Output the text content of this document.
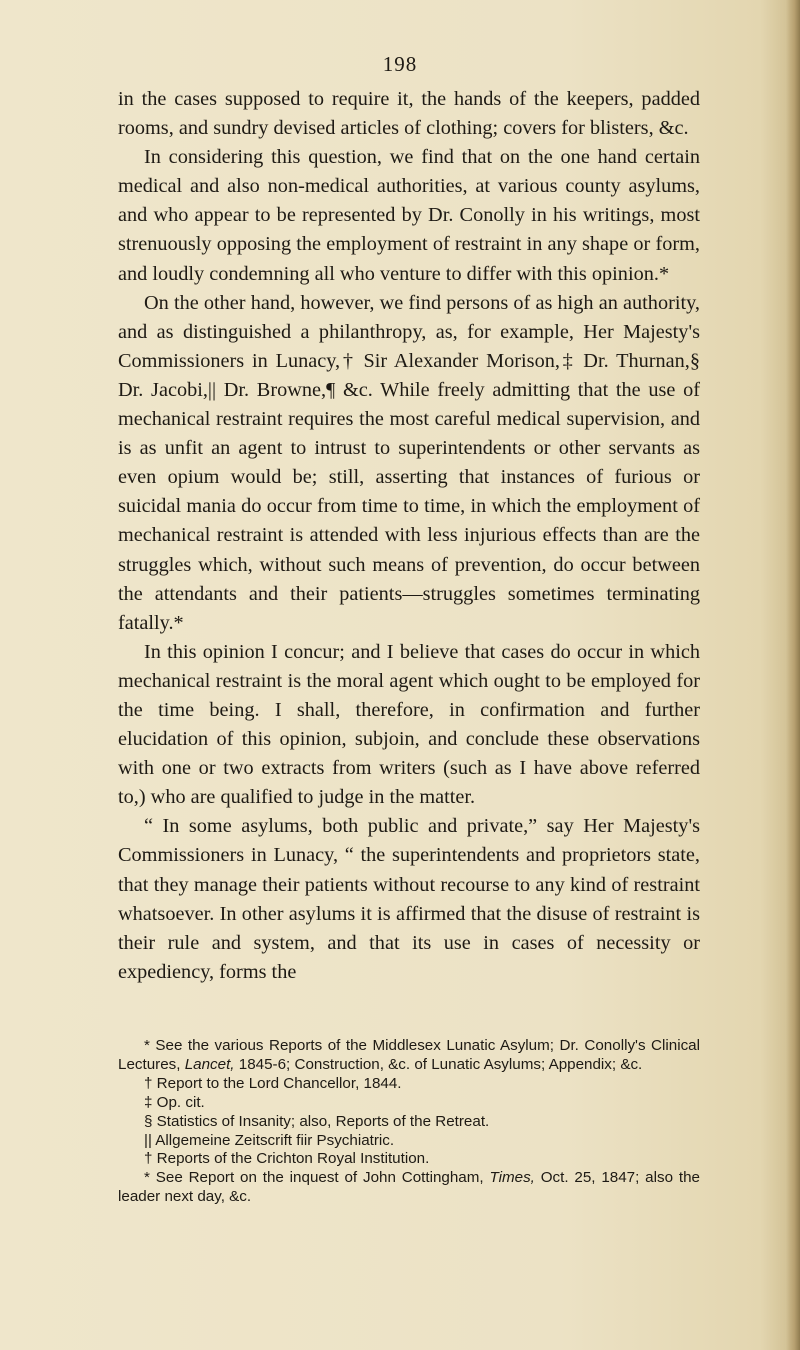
198

in the cases supposed to require it, the hands of the keepers, padded rooms, and sundry devised articles of clothing; covers for blisters, &c.

In considering this question, we find that on the one hand certain medical and also non-medical authorities, at various county asylums, and who appear to be represented by Dr. Conolly in his writings, most strenuously opposing the employment of restraint in any shape or form, and loudly condemning all who venture to differ with this opinion.*

On the other hand, however, we find persons of as high an authority, and as distinguished a philanthropy, as, for example, Her Majesty's Commissioners in Lunacy,† Sir Alexander Morison,‡ Dr. Thurnan,§ Dr. Jacobi,|| Dr. Browne,¶ &c. While freely admitting that the use of mechanical restraint requires the most careful medical supervision, and is as unfit an agent to intrust to superintendents or other servants as even opium would be; still, asserting that instances of furious or suicidal mania do occur from time to time, in which the employment of mechanical restraint is attended with less injurious effects than are the struggles which, without such means of prevention, do occur between the attendants and their patients—struggles sometimes terminating fatally.*

In this opinion I concur; and I believe that cases do occur in which mechanical restraint is the moral agent which ought to be employed for the time being. I shall, therefore, in confirmation and further elucidation of this opinion, subjoin, and conclude these observations with one or two extracts from writers (such as I have above referred to,) who are qualified to judge in the matter.

“ In some asylums, both public and private,” say Her Majesty's Commissioners in Lunacy, “ the superintendents and proprietors state, that they manage their patients without recourse to any kind of restraint whatsoever. In other asylums it is affirmed that the disuse of restraint is their rule and system, and that its use in cases of necessity or expediency, forms the

* See the various Reports of the Middlesex Lunatic Asylum; Dr. Conolly's Clinical Lectures, Lancet, 1845-6; Construction, &c. of Lunatic Asylums; Appendix; &c.

† Report to the Lord Chancellor, 1844.

‡ Op. cit.

§ Statistics of Insanity; also, Reports of the Retreat.

|| Allgemeine Zeitscrift fiir Psychiatric.

† Reports of the Crichton Royal Institution.

* See Report on the inquest of John Cottingham, Times, Oct. 25, 1847; also the leader next day, &c.
